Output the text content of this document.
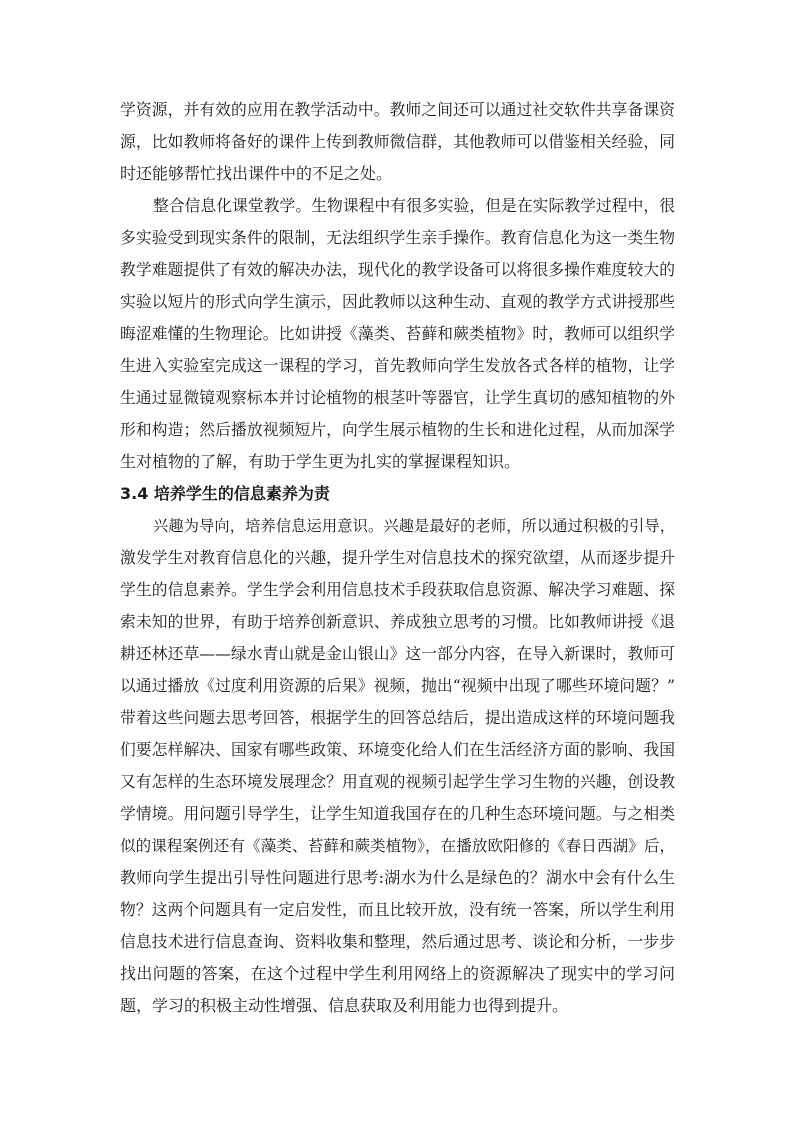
学资源，并有效的应用在教学活动中。教师之间还可以通过社交软件共享备课资
源，比如教师将备好的课件上传到教师微信群，其他教师可以借鉴相关经验，同
时还能够帮忙找出课件中的不足之处。
整合信息化课堂教学。生物课程中有很多实验，但是在实际教学过程中，很
多实验受到现实条件的限制，无法组织学生亲手操作。教育信息化为这一类生物
教学难题提供了有效的解决办法，现代化的教学设备可以将很多操作难度较大的
实验以短片的形式向学生演示，因此教师以这种生动、直观的教学方式讲授那些
晦涩难懂的生物理论。比如讲授《藻类、苔藓和蕨类植物》时，教师可以组织学
生进入实验室完成这一课程的学习，首先教师向学生发放各式各样的植物，让学
生通过显微镜观察标本并讨论植物的根茎叶等器官，让学生真切的感知植物的外
形和构造；然后播放视频短片，向学生展示植物的生长和进化过程，从而加深学
生对植物的了解，有助于学生更为扎实的掌握课程知识。
3.4 培养学生的信息素养为责
兴趣为导向，培养信息运用意识。兴趣是最好的老师，所以通过积极的引导，
激发学生对教育信息化的兴趣，提升学生对信息技术的探究欲望，从而逐步提升
学生的信息素养。学生学会利用信息技术手段获取信息资源、解决学习难题、探
索未知的世界，有助于培养创新意识、养成独立思考的习惯。比如教师讲授《退
耕还林还草——绿水青山就是金山银山》这一部分内容，在导入新课时，教师可
以通过播放《过度利用资源的后果》视频，抛出“视频中出现了哪些环境问题？”
带着这些问题去思考回答，根据学生的回答总结后，提出造成这样的环境问题我
们要怎样解决、国家有哪些政策、环境变化给人们在生活经济方面的影响、我国
又有怎样的生态环境发展理念？用直观的视频引起学生学习生物的兴趣，创设教
学情境。用问题引导学生，让学生知道我国存在的几种生态环境问题。与之相类
似的课程案例还有《藻类、苔藓和蕨类植物》，在播放欧阳修的《春日西湖》后，
教师向学生提出引导性问题进行思考:湖水为什么是绿色的？湖水中会有什么生
物？这两个问题具有一定启发性，而且比较开放，没有统一答案，所以学生利用
信息技术进行信息查询、资料收集和整理，然后通过思考、谈论和分析，一步步
找出问题的答案，在这个过程中学生利用网络上的资源解决了现实中的学习问
题，学习的积极主动性增强、信息获取及利用能力也得到提升。
